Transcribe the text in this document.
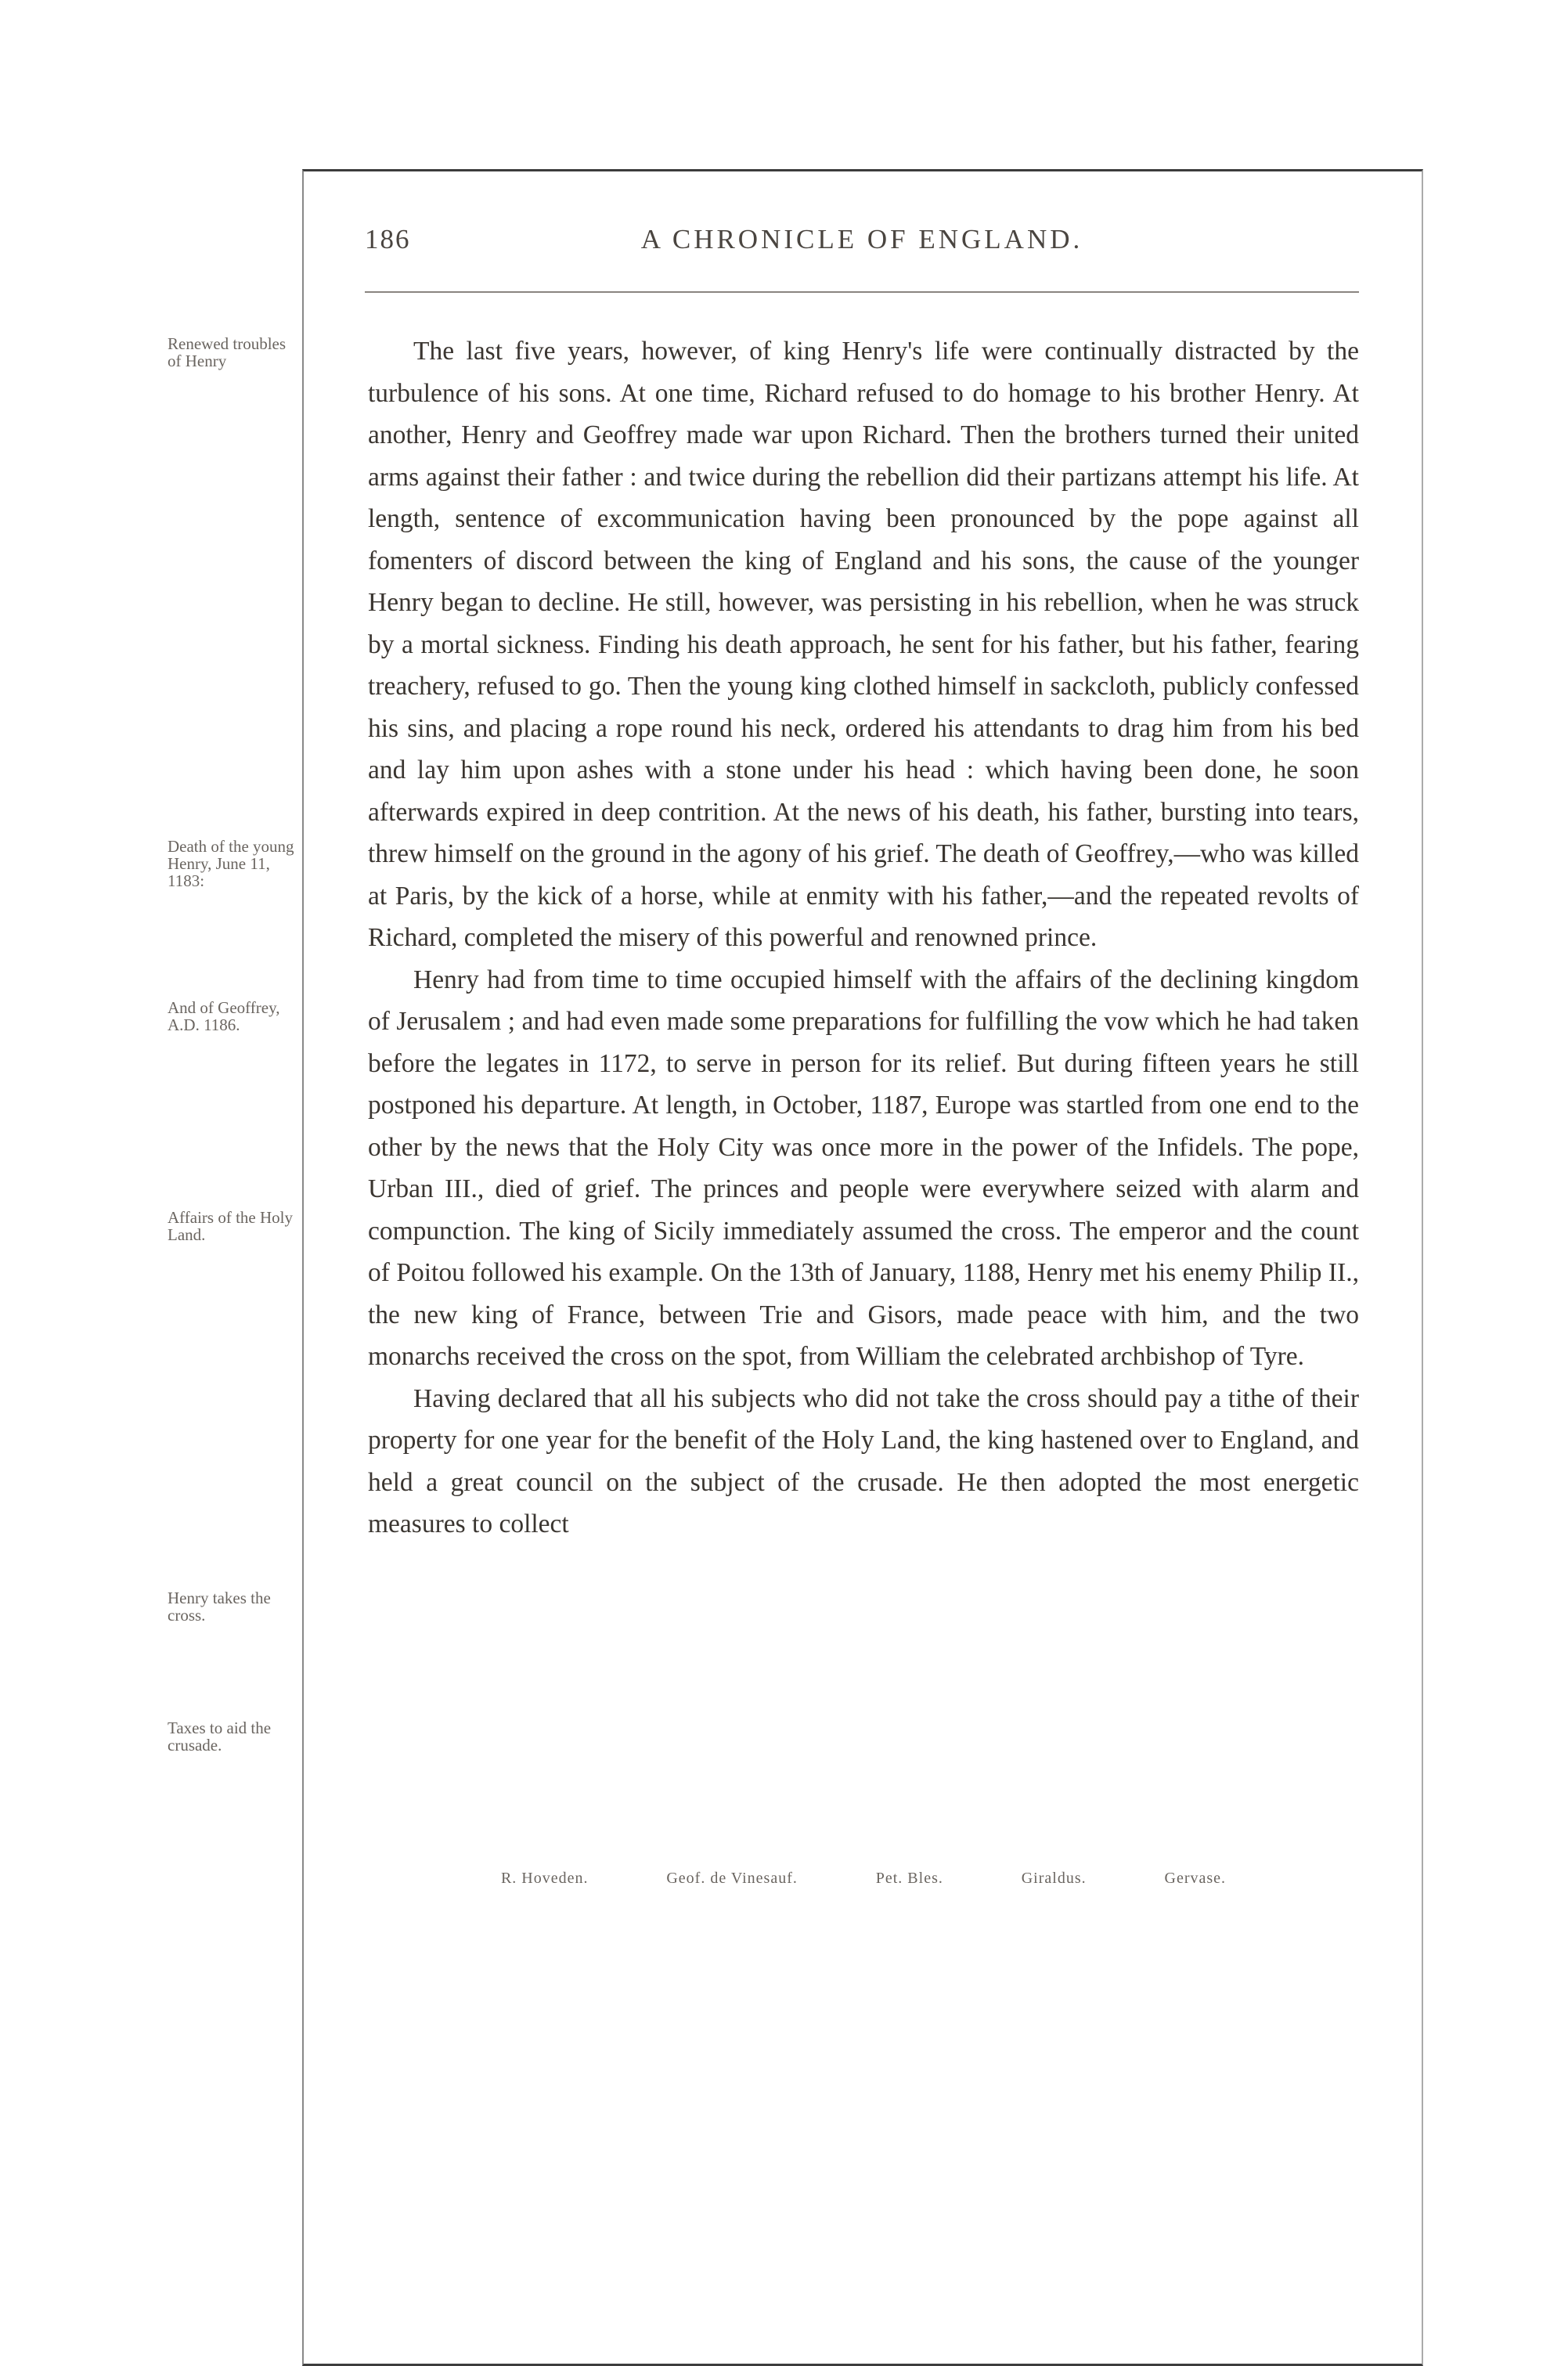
186	A CHRONICLE OF ENGLAND.
Renewed troubles of Henry
Death of the young Henry, June 11, 1183:
And of Geoffrey, A.D. 1186.
Affairs of the Holy Land.
Henry takes the cross.
Taxes to aid the crusade.

The last five years, however, of king Henry's life were continually distracted by the turbulence of his sons. At one time, Richard refused to do homage to his brother Henry. At another, Henry and Geoffrey made war upon Richard. Then the brothers turned their united arms against their father : and twice during the rebellion did their partizans attempt his life. At length, sentence of excommunication having been pronounced by the pope against all fomenters of discord between the king of England and his sons, the cause of the younger Henry began to decline. He still, however, was persisting in his rebellion, when he was struck by a mortal sickness. Finding his death approach, he sent for his father, but his father, fearing treachery, refused to go. Then the young king clothed himself in sackcloth, publicly confessed his sins, and placing a rope round his neck, ordered his attendants to drag him from his bed and lay him upon ashes with a stone under his head : which having been done, he soon afterwards expired in deep contrition. At the news of his death, his father, bursting into tears, threw himself on the ground in the agony of his grief. The death of Geoffrey,—who was killed at Paris, by the kick of a horse, while at enmity with his father,—and the repeated revolts of Richard, completed the misery of this powerful and renowned prince.

Henry had from time to time occupied himself with the affairs of the declining kingdom of Jerusalem ; and had even made some preparations for fulfilling the vow which he had taken before the legates in 1172, to serve in person for its relief. But during fifteen years he still postponed his departure. At length, in October, 1187, Europe was startled from one end to the other by the news that the Holy City was once more in the power of the Infidels. The pope, Urban III., died of grief. The princes and people were everywhere seized with alarm and compunction. The king of Sicily immediately assumed the cross. The emperor and the count of Poitou followed his example. On the 13th of January, 1188, Henry met his enemy Philip II., the new king of France, between Trie and Gisors, made peace with him, and the two monarchs received the cross on the spot, from William the celebrated archbishop of Tyre.

Having declared that all his subjects who did not take the cross should pay a tithe of their property for one year for the benefit of the Holy Land, the king hastened over to England, and held a great council on the subject of the crusade. He then adopted the most energetic measures to collect

R. Hoveden.	Geof. de Vinesauf.	Pet. Bles.	Giraldus.	Gervase.
